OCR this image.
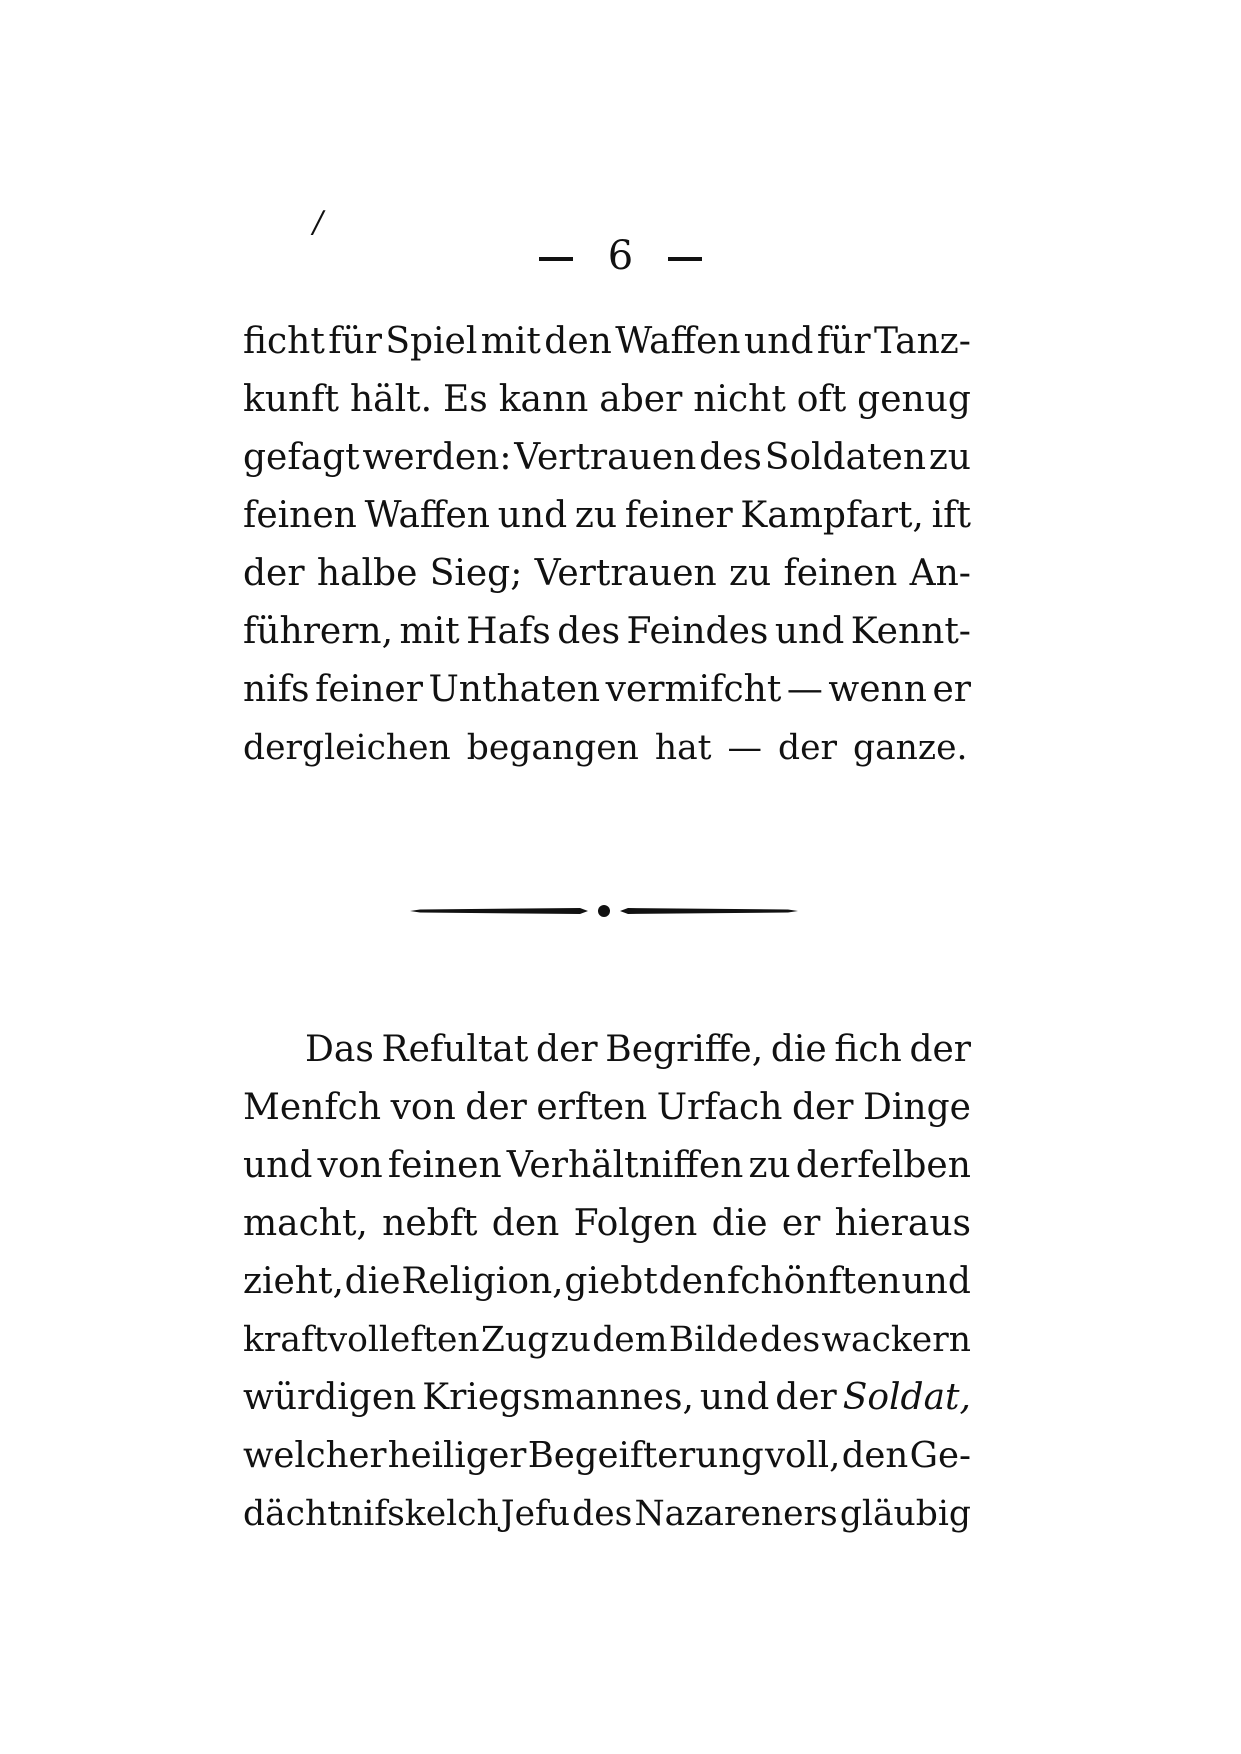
/
6
ficht für Spiel mit den Waffen und für Tanz-
kunft hält. Es kann aber nicht oft genug
gefagt werden: Vertrauen des Soldaten zu
feinen Waffen und zu feiner Kampfart, ift
der halbe Sieg; Vertrauen zu feinen An-
führern, mit Hafs des Feindes und Kennt-
nifs feiner Unthaten vermifcht — wenn er
dergleichen begangen hat — der ganze.
Das Refultat der Begriffe, die fich der
Menfch von der erften Urfach der Dinge
und von feinen Verhältniffen zu derfelben
macht, nebft den Folgen die er hieraus
zieht, die Religion, giebt den fchönften und
kraftvolleften Zug zu dem Bilde des wackern
würdigen Kriegsmannes, und der Soldat,
welcher heiliger Begeifterung voll, den Ge-
dächtnifskelch Jefu des Nazareners gläubig
